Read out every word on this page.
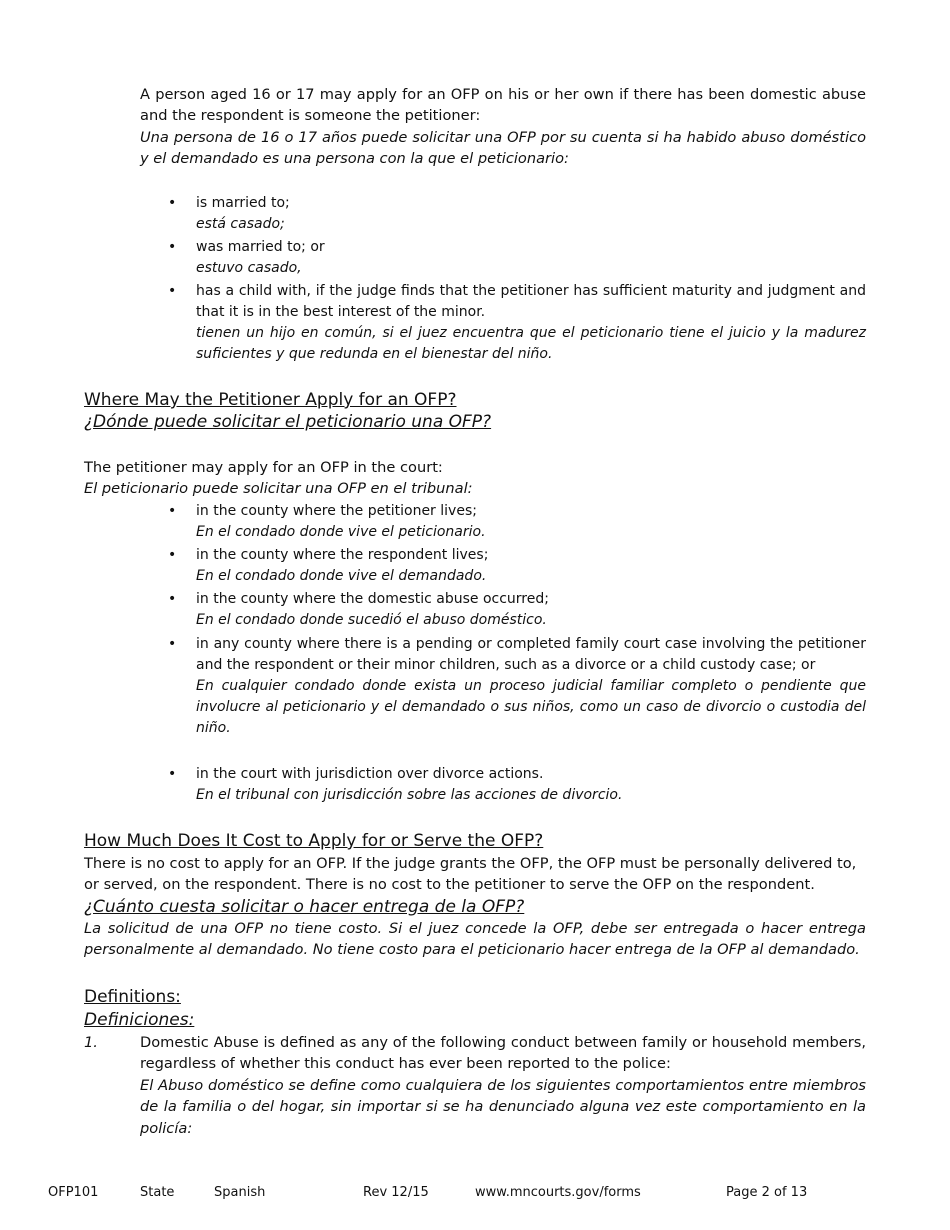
A person aged 16 or 17 may apply for an OFP on his or her own if there has been domestic abuse and the respondent is someone the petitioner:
Una persona de 16 o 17 años puede solicitar una OFP por su cuenta si ha habido abuso doméstico y el demandado es una persona con la que el peticionario:
• is married to;
está casado;
• was married to; or
estuvo casado,
• has a child with, if the judge finds that the petitioner has sufficient maturity and judgment and that it is in the best interest of the minor.
tienen un hijo en común, si el juez encuentra que el peticionario tiene el juicio y la madurez suficientes y que redunda en el bienestar del niño.
Where May the Petitioner Apply for an OFP?
¿Dónde puede solicitar el peticionario una OFP?
The petitioner may apply for an OFP in the court:
El peticionario puede solicitar una OFP en el tribunal:
• in the county where the petitioner lives;
En el condado donde vive el peticionario.
• in the county where the respondent lives;
En el condado donde vive el demandado.
• in the county where the domestic abuse occurred;
En el condado donde sucedió el abuso doméstico.
• in any county where there is a pending or completed family court case involving the petitioner and the respondent or their minor children, such as a divorce or a child custody case; or
En cualquier condado donde exista un proceso judicial familiar completo o pendiente que involucre al peticionario y el demandado o sus niños, como un caso de divorcio o custodia del niño.
• in the court with jurisdiction over divorce actions.
En el tribunal con jurisdicción sobre las acciones de divorcio.
How Much Does It Cost to Apply for or Serve the OFP?
There is no cost to apply for an OFP. If the judge grants the OFP, the OFP must be personally delivered to, or served, on the respondent. There is no cost to the petitioner to serve the OFP on the respondent.
¿Cuánto cuesta solicitar o hacer entrega de la OFP?
La solicitud de una OFP no tiene costo. Si el juez concede la OFP, debe ser entregada o hacer entrega personalmente al demandado. No tiene costo para el peticionario hacer entrega de la OFP al demandado.
Definitions:
Definiciones:
1.	Domestic Abuse is defined as any of the following conduct between family or household members, regardless of whether this conduct has ever been reported to the police:
El Abuso doméstico se define como cualquiera de los siguientes comportamientos entre miembros de la familia o del hogar, sin importar si se ha denunciado alguna vez este comportamiento en la policía:
OFP101	State	Spanish	Rev 12/15	www.mncourts.gov/forms	Page 2 of 13
